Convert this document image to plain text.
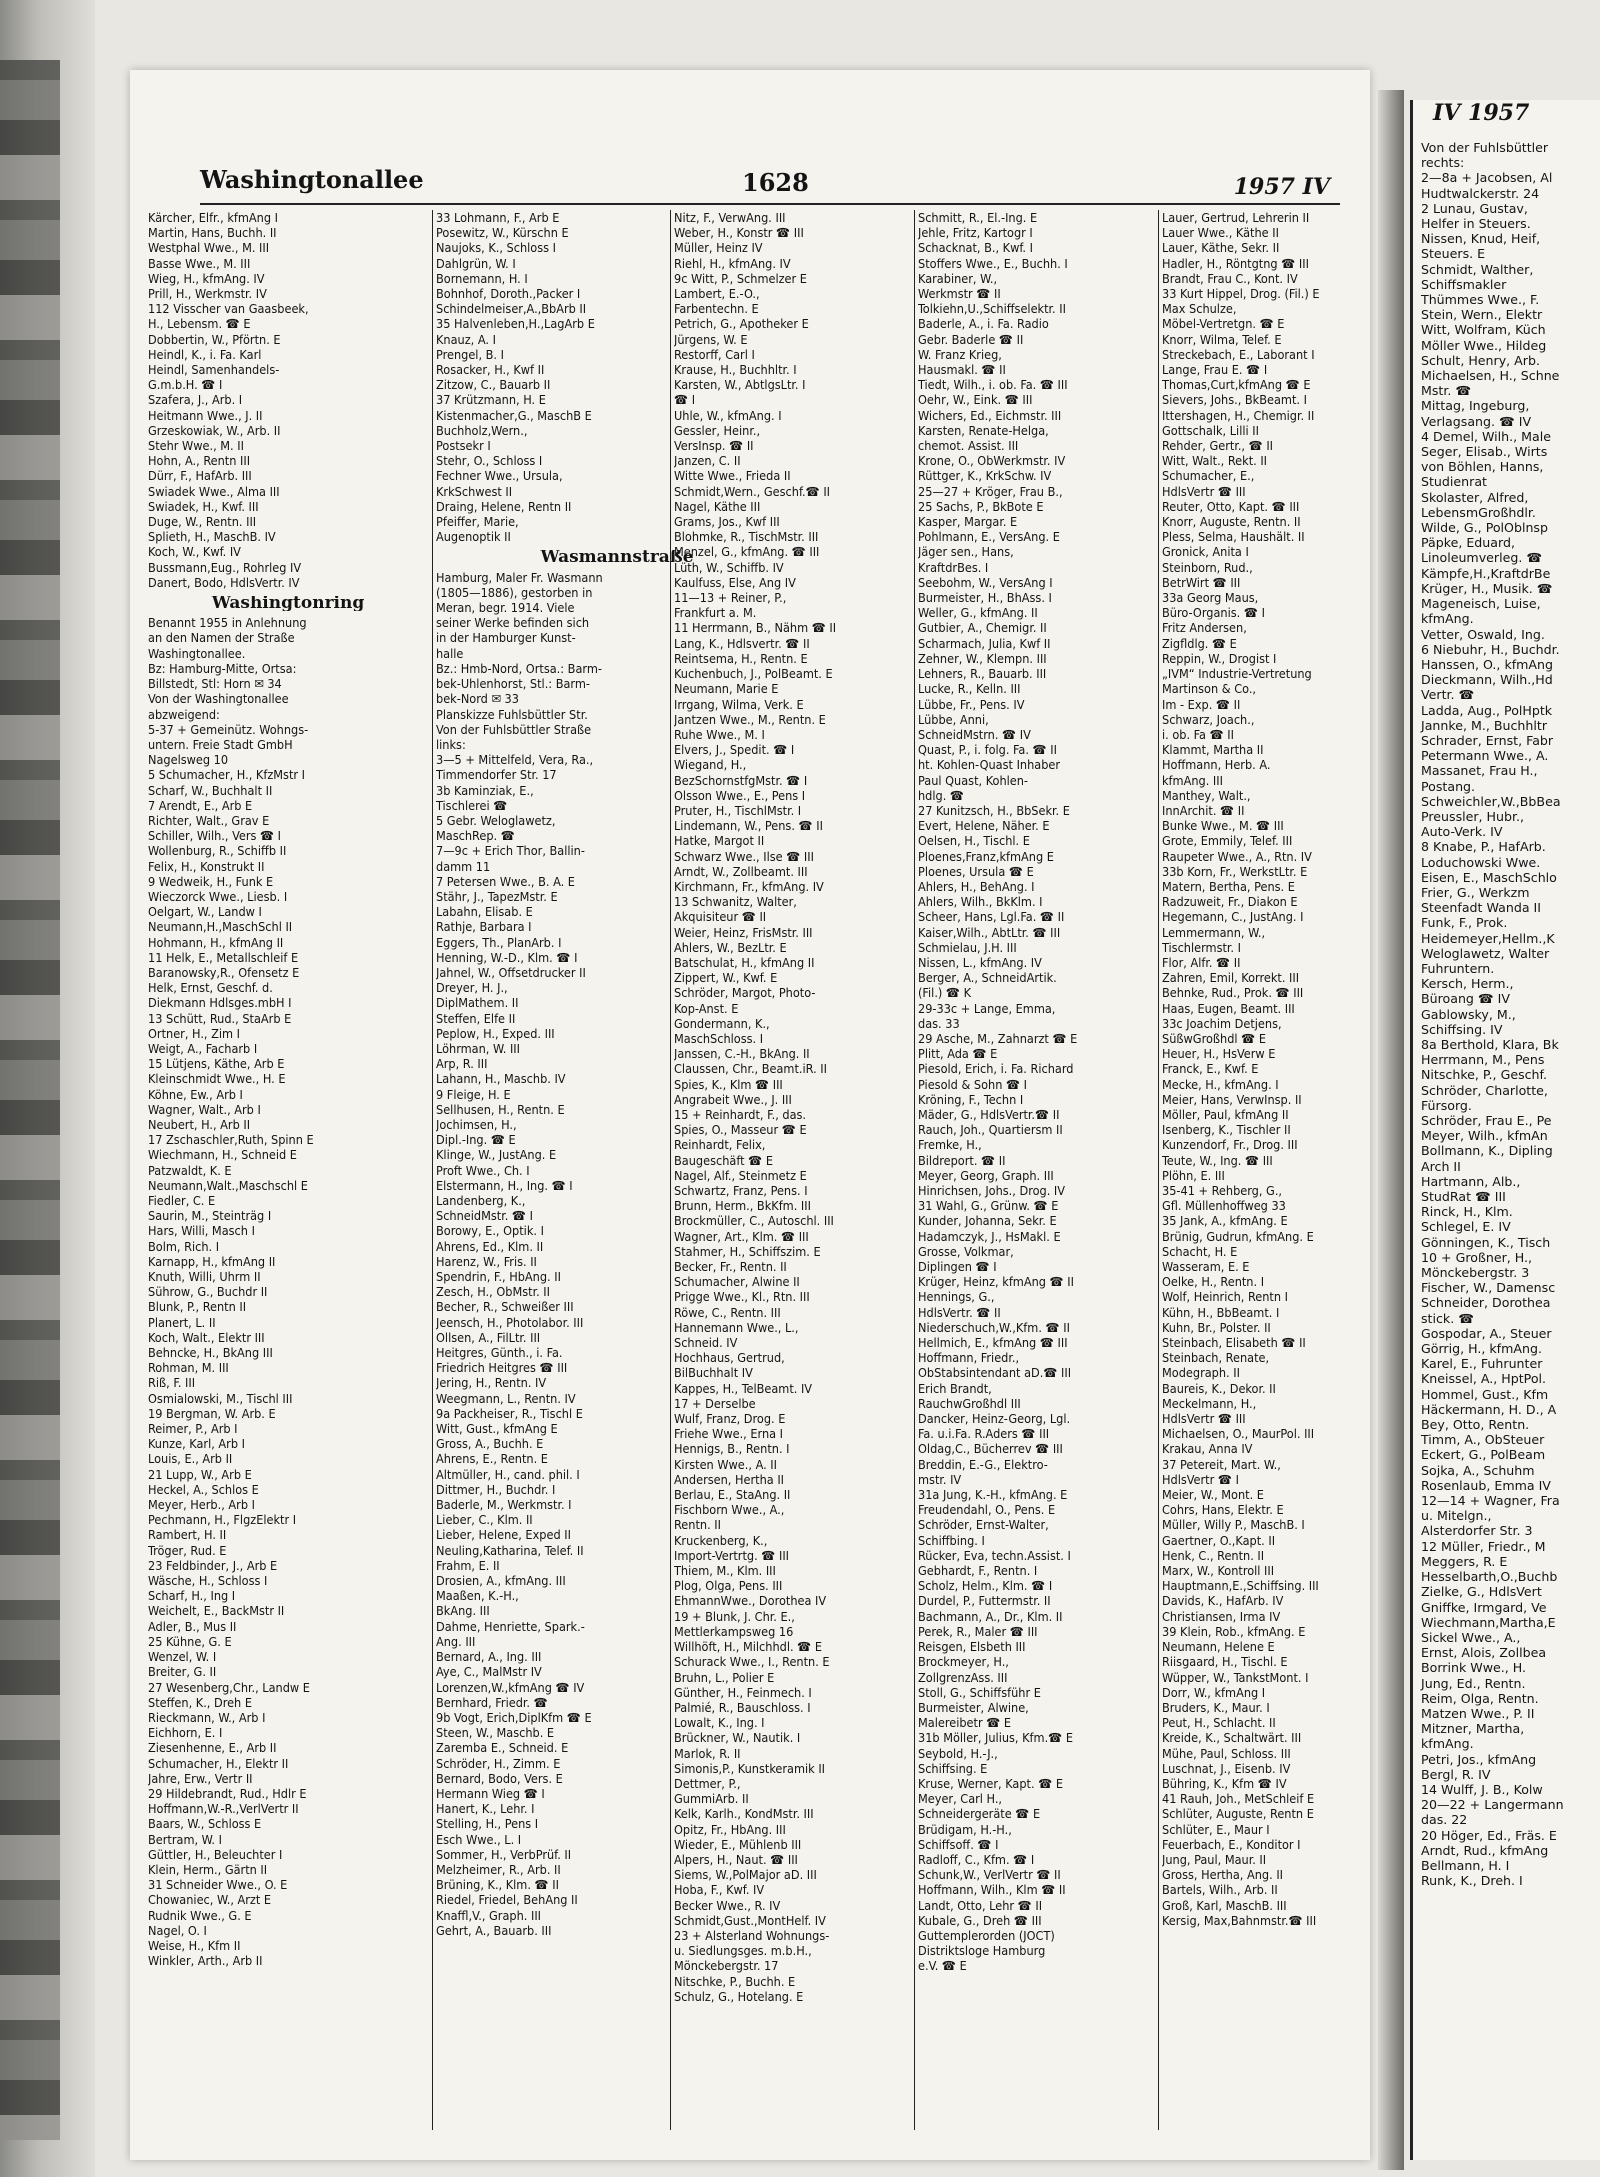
Washingtonallee	1628	1957 IV
Kärcher, Elfr., kfmAng I
Martin, Hans, Buchh. II
Westphal Wwe., M. III
Basse Wwe., M. III
Wieg, H., kfmAng. IV
Prill, H., Werkmstr. IV
112 Visscher van Gaasbeek,
H., Lebensm. ☎ E
Dobbertin, W., Pförtn. E
Heindl, K., i. Fa. Karl
Heindl, Samenhandels-
G.m.b.H. ☎ I
Szafera, J., Arb. I
Heitmann Wwe., J. II
Grzeskowiak, W., Arb. II
Stehr Wwe., M. II
Hohn, A., Rentn III
Dürr, F., HafArb. III
Swiadek Wwe., Alma III
Swiadek, H., Kwf. III
Duge, W., Rentn. III
Splieth, H., MaschB. IV
Koch, W., Kwf. IV
Bussmann,Eug., Rohrleg IV
Danert, Bodo, HdlsVertr. IV
Washingtonring
Benannt 1955 in Anlehnung
an den Namen der Straße
Washingtonallee.
Bz: Hamburg-Mitte, Ortsa:
Billstedt, Stl: Horn ✉ 34
Von der Washingtonallee
abzweigend:
5-37 + Gemeinütz. Wohngs-
untern. Freie Stadt GmbH
Nagelsweg 10
5 Schumacher, H., KfzMstr I
Scharf, W., Buchhalt II
7 Arendt, E., Arb E
Richter, Walt., Grav E
Schiller, Wilh., Vers ☎ I
Wollenburg, R., Schiffb II
Felix, H., Konstrukt II
9 Wedweik, H., Funk E
Wieczorck Wwe., Liesb. I
Oelgart, W., Landw I
Neumann,H.,MaschSchl II
Hohmann, H., kfmAng II
11 Helk, E., Metallschleif E
Baranowsky,R., Ofensetz E
Helk, Ernst, Geschf. d.
Diekmann Hdlsges.mbH I
13 Schütt, Rud., StaArb E
Ortner, H., Zim I
Weigt, A., Facharb I
15 Lütjens, Käthe, Arb E
Kleinschmidt Wwe., H. E
Köhne, Ew., Arb I
Wagner, Walt., Arb I
Neubert, H., Arb II
17 Zschaschler,Ruth, Spinn E
Wiechmann, H., Schneid E
Patzwaldt, K. E
Neumann,Walt.,Maschschl E
Fiedler, C. E
Saurin, M., Steinträg I
Hars, Willi, Masch I
Bolm, Rich. I
Karnapp, H., kfmAng II
Knuth, Willi, Uhrm II
Sührow, G., Buchdr II
Blunk, P., Rentn II
Planert, L. II
Koch, Walt., Elektr III
Behncke, H., BkAng III
Rohman, M. III
Riß, F. III
Osmialowski, M., Tischl III
19 Bergman, W. Arb. E
Reimer, P., Arb I
Kunze, Karl, Arb I
Louis, E., Arb II
21 Lupp, W., Arb E
Heckel, A., Schlos E
Meyer, Herb., Arb I
Pechmann, H., FlgzElektr I
Rambert, H. II
Tröger, Rud. E
23 Feldbinder, J., Arb E
Wäsche, H., Schloss I
Scharf, H., Ing I
Weichelt, E., BackMstr II
Adler, B., Mus II
25 Kühne, G. E
Wenzel, W. I
Breiter, G. II
27 Wesenberg,Chr., Landw E
Steffen, K., Dreh E
Rieckmann, W., Arb I
Eichhorn, E. I
Ziesenhenne, E., Arb II
Schumacher, H., Elektr II
Jahre, Erw., Vertr II
29 Hildebrandt, Rud., Hdlr E
Hoffmann,W.-R.,VerlVertr II
Baars, W., Schloss E
Bertram, W. I
Güttler, H., Beleuchter I
Klein, Herm., Gärtn II
31 Schneider Wwe., O. E
Chowaniec, W., Arzt E
Rudnik Wwe., G. E
Nagel, O. I
Weise, H., Kfm II
Winkler, Arth., Arb II
33 Lohmann, F., Arb E
Posewitz, W., Kürschn E
Naujoks, K., Schloss I
Dahlgrün, W. I
Bornemann, H. I
Bohnhof, Doroth.,Packer I
Schindelmeiser,A.,BbArb II
35 Halvenleben,H.,LagArb E
Knauz, A. I
Prengel, B. I
Rosacker, H., Kwf II
Zitzow, C., Bauarb II
37 Krützmann, H. E
Kistenmacher,G., MaschB E
Buchholz,Wern.,
Postsekr I
Stehr, O., Schloss I
Fechner Wwe., Ursula,
KrkSchwest II
Draing, Helene, Rentn II
Pfeiffer, Marie,
Augenoptik II
Wasmannstraße
Hamburg, Maler Fr. Wasmann
(1805—1886), gestorben in
Meran, begr. 1914. Viele
seiner Werke befinden sich
in der Hamburger Kunst-
halle
Bz.: Hmb-Nord, Ortsa.: Barm-
bek-Uhlenhorst, Stl.: Barm-
bek-Nord ✉ 33
Planskizze Fuhlsbüttler Str.
Von der Fuhlsbüttler Straße
links:
3—5 + Mittelfeld, Vera, Ra.,
Timmendorfer Str. 17
3b Kaminziak, E.,
Tischlerei ☎
5 Gebr. Weloglawetz,
MaschRep. ☎
7—9c + Erich Thor, Ballin-
damm 11
7 Petersen Wwe., B. A. E
Stähr, J., TapezMstr. E
Labahn, Elisab. E
Rathje, Barbara I
Eggers, Th., PlanArb. I
Henning, W.-D., Klm. ☎ I
Jahnel, W., Offsetdrucker II
Dreyer, H. J.,
DiplMathem. II
Steffen, Elfe II
Peplow, H., Exped. III
Löhrman, W. III
Arp, R. III
Lahann, H., Maschb. IV
9 Fleige, H. E
Sellhusen, H., Rentn. E
Jochimsen, H.,
Dipl.-Ing. ☎ E
Klinge, W., JustAng. E
Proft Wwe., Ch. I
Elstermann, H., Ing. ☎ I
Landenberg, K.,
SchneidMstr. ☎ I
Borowy, E., Optik. I
Ahrens, Ed., Klm. II
Harenz, W., Fris. II
Spendrin, F., HbAng. II
Zesch, H., ObMstr. II
Becher, R., Schweißer III
Jeensch, H., Photolabor. III
Ollsen, A., FilLtr. III
Heitgres, Günth., i. Fa.
Friedrich Heitgres ☎ III
Jering, H., Rentn. IV
Weegmann, L., Rentn. IV
9a Packheiser, R., Tischl E
Witt, Gust., kfmAng E
Gross, A., Buchh. E
Ahrens, E., Rentn. E
Altmüller, H., cand. phil. I
Dittmer, H., Buchdr. I
Baderle, M., Werkmstr. I
Lieber, C., Klm. II
Lieber, Helene, Exped II
Neuling,Katharina, Telef. II
Frahm, E. II
Drosien, A., kfmAng. III
Maaßen, K.-H.,
BkAng. III
Dahme, Henriette, Spark.-
Ang. III
Bernard, A., Ing. III
Aye, C., MalMstr IV
Lorenzen,W.,kfmAng ☎ IV
Bernhard, Friedr. ☎
9b Vogt, Erich,DiplKfm ☎ E
Steen, W., Maschb. E
Zaremba E., Schneid. E
Schröder, H., Zimm. E
Bernard, Bodo, Vers. E
Hermann Wieg ☎ I
Hanert, K., Lehr. I
Stelling, H., Pens I
Esch Wwe., L. I
Sommer, H., VerbPrüf. II
Melzheimer, R., Arb. II
Brüning, K., Klm. ☎ II
Riedel, Friedel, BehAng II
Knaffl,V., Graph. III
Gehrt, A., Bauarb. III
Nitz, F., VerwAng. III
Weber, H., Konstr ☎ III
Müller, Heinz IV
Riehl, H., kfmAng. IV
9c Witt, P., Schmelzer E
Lambert, E.-O.,
Farbentechn. E
Petrich, G., Apotheker E
Jürgens, W. E
Restorff, Carl I
Krause, H., Buchhltr. I
Karsten, W., AbtlgsLtr. I
☎ I
Uhle, W., kfmAng. I
Gessler, Heinr.,
VersInsp. ☎ II
Janzen, C. II
Witte Wwe., Frieda II
Schmidt,Wern., Geschf.☎ II
Nagel, Käthe III
Grams, Jos., Kwf III
Blohmke, R., TischMstr. III
Menzel, G., kfmAng. ☎ III
Lüth, W., Schiffb. IV
Kaulfuss, Else, Ang IV
11—13 + Reiner, P.,
Frankfurt a. M.
11 Herrmann, B., Nähm ☎ II
Lang, K., Hdlsvertr. ☎ II
Reintsema, H., Rentn. E
Kuchenbuch, J., PolBeamt. E
Neumann, Marie E
Irrgang, Wilma, Verk. E
Jantzen Wwe., M., Rentn. E
Ruhe Wwe., M. I
Elvers, J., Spedit. ☎ I
Wiegand, H.,
BezSchornstfgMstr. ☎ I
Olsson Wwe., E., Pens I
Pruter, H., TischlMstr. I
Lindemann, W., Pens. ☎ II
Hatke, Margot II
Schwarz Wwe., Ilse ☎ III
Arndt, W., Zollbeamt. III
Kirchmann, Fr., kfmAng. IV
13 Schwanitz, Walter,
Akquisiteur ☎ II
Weier, Heinz, FrisMstr. III
Ahlers, W., BezLtr. E
Batschulat, H., kfmAng II
Zippert, W., Kwf. E
Schröder, Margot, Photo-
Kop-Anst. E
Gondermann, K.,
MaschSchloss. I
Janssen, C.-H., BkAng. II
Claussen, Chr., Beamt.iR. II
Spies, K., Klm ☎ III
Angrabeit Wwe., J. III
15 + Reinhardt, F., das.
Spies, O., Masseur ☎ E
Reinhardt, Felix,
Baugeschäft ☎ E
Nagel, Alf., Steinmetz E
Schwartz, Franz, Pens. I
Brunn, Herm., BkKfm. III
Brockmüller, C., Autoschl. III
Wagner, Art., Klm. ☎ III
Stahmer, H., Schiffszim. E
Becker, Fr., Rentn. II
Schumacher, Alwine II
Prigge Wwe., Kl., Rtn. III
Röwe, C., Rentn. III
Hannemann Wwe., L.,
Schneid. IV
Hochhaus, Gertrud,
BilBuchhalt IV
Kappes, H., TelBeamt. IV
17 + Derselbe
Wulf, Franz, Drog. E
Friehe Wwe., Erna I
Hennigs, B., Rentn. I
Kirsten Wwe., A. II
Andersen, Hertha II
Berlau, E., StaAng. II
Fischborn Wwe., A.,
Rentn. II
Kruckenberg, K.,
Import-Vertrtg. ☎ III
Thiem, M., Klm. III
Plog, Olga, Pens. III
EhmannWwe., Dorothea IV
19 + Blunk, J. Chr. E.,
Mettlerkampsweg 16
Willhöft, H., Milchhdl. ☎ E
Schurack Wwe., I., Rentn. E
Bruhn, L., Polier E
Günther, H., Feinmech. I
Palmié, R., Bauschloss. I
Lowalt, K., Ing. I
Brückner, W., Nautik. I
Marlok, R. II
Simonis,P., Kunstkeramik II
Dettmer, P.,
GummiArb. II
Kelk, Karlh., KondMstr. III
Opitz, Fr., HbAng. III
Wieder, E., Mühlenb III
Alpers, H., Naut. ☎ III
Siems, W.,PolMajor aD. III
Hoba, F., Kwf. IV
Becker Wwe., R. IV
Schmidt,Gust.,MontHelf. IV
23 + Alsterland Wohnungs-
u. Siedlungsges. m.b.H.,
Mönckebergstr. 17
Nitschke, P., Buchh. E
Schulz, G., Hotelang. E
Schmitt, R., El.-Ing. E
Jehle, Fritz, Kartogr I
Schacknat, B., Kwf. I
Stoffers Wwe., E., Buchh. I
Karabiner, W.,
Werkmstr ☎ II
Tolkiehn,U.,Schiffselektr. II
Baderle, A., i. Fa. Radio
Gebr. Baderle ☎ II
W. Franz Krieg,
Hausmakl. ☎ II
Tiedt, Wilh., i. ob. Fa. ☎ III
Oehr, W., Eink. ☎ III
Wichers, Ed., Eichmstr. III
Karsten, Renate-Helga,
chemot. Assist. III
Krone, O., ObWerkmstr. IV
Rüttger, K., KrkSchw. IV
25—27 + Kröger, Frau B.,
25 Sachs, P., BkBote E
Kasper, Margar. E
Pohlmann, E., VersAng. E
Jäger sen., Hans,
KraftdrBes. I
Seebohm, W., VersAng I
Burmeister, H., BhAss. I
Weller, G., kfmAng. II
Gutbier, A., Chemigr. II
Scharmach, Julia, Kwf II
Zehner, W., Klempn. III
Lehners, R., Bauarb. III
Lucke, R., Kelln. III
Lübbe, Fr., Pens. IV
Lübbe, Anni,
SchneidMstrn. ☎ IV
Quast, P., i. folg. Fa. ☎ II
ht. Kohlen-Quast Inhaber
Paul Quast, Kohlen-
hdlg. ☎
27 Kunitzsch, H., BbSekr. E
Evert, Helene, Näher. E
Oelsen, H., Tischl. E
Ploenes,Franz,kfmAng E
Ploenes, Ursula ☎ E
Ahlers, H., BehAng. I
Ahlers, Wilh., BkKlm. I
Scheer, Hans, Lgl.Fa. ☎ II
Kaiser,Wilh., AbtLtr. ☎ III
Schmielau, J.H. III
Nissen, L., kfmAng. IV
Berger, A., SchneidArtik.
(Fil.) ☎ K
29-33c + Lange, Emma,
das. 33
29 Asche, M., Zahnarzt ☎ E
Plitt, Ada ☎ E
Piesold, Erich, i. Fa. Richard
Piesold & Sohn ☎ I
Kröning, F., Techn I
Mäder, G., HdlsVertr.☎ II
Rauch, Joh., Quartiersm II
Fremke, H.,
Bildreport. ☎ II
Meyer, Georg, Graph. III
Hinrichsen, Johs., Drog. IV
31 Wahl, G., Grünw. ☎ E
Kunder, Johanna, Sekr. E
Hadamczyk, J., HsMakl. E
Grosse, Volkmar,
Diplingen ☎ I
Krüger, Heinz, kfmAng ☎ II
Hennings, G.,
HdlsVertr. ☎ II
Niederschuch,W.,Kfm. ☎ II
Hellmich, E., kfmAng ☎ III
Hoffmann, Friedr.,
ObStabsintendant aD.☎ III
Erich Brandt,
RauchwGroßhdl III
Dancker, Heinz-Georg, Lgl.
Fa. u.i.Fa. R.Aders ☎ III
Oldag,C., Bücherrev ☎ III
Breddin, E.-G., Elektro-
mstr. IV
31a Jung, K.-H., kfmAng. E
Freudendahl, O., Pens. E
Schröder, Ernst-Walter,
Schiffbing. I
Rücker, Eva, techn.Assist. I
Gebhardt, F., Rentn. I
Scholz, Helm., Klm. ☎ I
Durdel, P., Futtermstr. II
Bachmann, A., Dr., Klm. II
Perek, R., Maler ☎ III
Reisgen, Elsbeth III
Brockmeyer, H.,
ZollgrenzAss. III
Stoll, G., Schiffsführ E
Burmeister, Alwine,
Malereibetr ☎ E
31b Möller, Julius, Kfm.☎ E
Seybold, H.-J.,
Schiffsing. E
Kruse, Werner, Kapt. ☎ E
Meyer, Carl H.,
Schneidergeräte ☎ E
Brüdigam, H.-H.,
Schiffsoff. ☎ I
Radloff, C., Kfm. ☎ I
Schunk,W., VerlVertr ☎ II
Hoffmann, Wilh., Klm ☎ II
Landt, Otto, Lehr ☎ II
Kubale, G., Dreh ☎ III
Guttemplerorden (JOCT)
Distriktsloge Hamburg
e.V. ☎ E
Lauer, Gertrud, Lehrerin II
Lauer Wwe., Käthe II
Lauer, Käthe, Sekr. II
Hadler, H., Röntgtng ☎ III
Brandt, Frau C., Kont. IV
33 Kurt Hippel, Drog. (Fil.) E
Max Schulze,
Möbel-Vertretgn. ☎ E
Knorr, Wilma, Telef. E
Streckebach, E., Laborant I
Lange, Frau E. ☎ I
Thomas,Curt,kfmAng ☎ E
Sievers, Johs., BkBeamt. I
Ittershagen, H., Chemigr. II
Gottschalk, Lilli II
Rehder, Gertr., ☎ II
Witt, Walt., Rekt. II
Schumacher, E.,
HdlsVertr ☎ III
Reuter, Otto, Kapt. ☎ III
Knorr, Auguste, Rentn. II
Pless, Selma, Haushält. II
Gronick, Anita I
Steinborn, Rud.,
BetrWirt ☎ III
33a Georg Maus,
Büro-Organis. ☎ I
Fritz Andersen,
Zigfldlg. ☎ E
Reppin, W., Drogist I
„IVM“ Industrie-Vertretung
Martinson & Co.,
Im - Exp. ☎ II
Schwarz, Joach.,
i. ob. Fa ☎ II
Klammt, Martha II
Hoffmann, Herb. A.
kfmAng. III
Manthey, Walt.,
InnArchit. ☎ II
Bunke Wwe., M. ☎ III
Grote, Emmily, Telef. III
Raupeter Wwe., A., Rtn. IV
33b Korn, Fr., WerkstLtr. E
Matern, Bertha, Pens. E
Radzuweit, Fr., Diakon E
Hegemann, C., JustAng. I
Lemmermann, W.,
Tischlermstr. I
Flor, Alfr. ☎ II
Zahren, Emil, Korrekt. III
Behnke, Rud., Prok. ☎ III
Haas, Eugen, Beamt. III
33c Joachim Detjens,
SüßwGroßhdl ☎ E
Heuer, H., HsVerw E
Franck, E., Kwf. E
Mecke, H., kfmAng. I
Meier, Hans, VerwInsp. II
Möller, Paul, kfmAng II
Isenberg, K., Tischler II
Kunzendorf, Fr., Drog. III
Teute, W., Ing. ☎ III
Plöhn, E. III
35-41 + Rehberg, G.,
Gfl. Müllenhoffweg 33
35 Jank, A., kfmAng. E
Brünig, Gudrun, kfmAng. E
Schacht, H. E
Wasseram, E. E
Oelke, H., Rentn. I
Wolf, Heinrich, Rentn I
Kühn, H., BbBeamt. I
Kuhn, Br., Polster. II
Steinbach, Elisabeth ☎ II
Steinbach, Renate,
Modegraph. II
Baureis, K., Dekor. II
Meckelmann, H.,
HdlsVertr ☎ III
Michaelsen, O., MaurPol. III
Krakau, Anna IV
37 Petereit, Mart. W.,
HdlsVertr ☎ I
Meier, W., Mont. E
Cohrs, Hans, Elektr. E
Müller, Willy P., MaschB. I
Gaertner, O.,Kapt. II
Henk, C., Rentn. II
Marx, W., Kontroll III
Hauptmann,E.,Schiffsing. III
Davids, K., HafArb. IV
Christiansen, Irma IV
39 Klein, Rob., kfmAng. E
Neumann, Helene E
Riisgaard, H., Tischl. E
Wüpper, W., TankstMont. I
Dorr, W., kfmAng I
Bruders, K., Maur. I
Peut, H., Schlacht. II
Kreide, K., Schaltwärt. III
Mühe, Paul, Schloss. III
Luschnat, J., Eisenb. IV
Bühring, K., Kfm ☎ IV
41 Rauh, Joh., MetSchleif E
Schlüter, Auguste, Rentn E
Schlüter, E., Maur I
Feuerbach, E., Konditor I
Jung, Paul, Maur. II
Gross, Hertha, Ang. II
Bartels, Wilh., Arb. II
Groß, Karl, MaschB. III
Kersig, Max,Bahnmstr.☎ III
IV 1957
Von der Fuhlsbüttler
rechts:
2—8a + Jacobsen, Al
Hudtwalckerstr. 24
2 Lunau, Gustav,
Helfer in Steuers.
Nissen, Knud, Heif,
Steuers. E
Schmidt, Walther,
Schiffsmakler
Thümmes Wwe., F.
Stein, Wern., Elektr
Witt, Wolfram, Küch
Möller Wwe., Hildeg
Schult, Henry, Arb.
Michaelsen, H., Schne
Mstr. ☎
Mittag, Ingeburg,
Verlagsang. ☎ IV
4 Demel, Wilh., Male
Seger, Elisab., Wirts
von Böhlen, Hanns,
Studienrat
Skolaster, Alfred,
LebensmGroßhdlr.
Wilde, G., PolOblnsp
Päpke, Eduard,
Linoleumverleg. ☎
Kämpfe,H.,KraftdrBe
Krüger, H., Musik. ☎
Mageneisch, Luise,
kfmAng.
Vetter, Oswald, Ing.
6 Niebuhr, H., Buchdr.
Hanssen, O., kfmAng
Dieckmann, Wilh.,Hd
Vertr. ☎
Ladda, Aug., PolHptk
Jannke, M., Buchhltr
Schrader, Ernst, Fabr
Petermann Wwe., A.
Massanet, Frau H.,
Postang.
Schweichler,W.,BbBea
Preussler, Hubr.,
Auto-Verk. IV
8 Knabe, P., HafArb.
Loduchowski Wwe.
Eisen, E., MaschSchlo
Frier, G., Werkzm
Steenfadt Wanda II
Funk, F., Prok.
Heidemeyer,Hellm.,K
Weloglawetz, Walter
Fuhruntern.
Kersch, Herm.,
Büroang ☎ IV
Gablowsky, M.,
Schiffsing. IV
8a Berthold, Klara, Bk
Herrmann, M., Pens
Nitschke, P., Geschf.
Schröder, Charlotte,
Fürsorg.
Schröder, Frau E., Pe
Meyer, Wilh., kfmAn
Bollmann, K., Dipling
Arch II
Hartmann, Alb.,
StudRat ☎ III
Rinck, H., Klm.
Schlegel, E. IV
Gönningen, K., Tisch
10 + Großner, H.,
Mönckebergstr. 3
Fischer, W., Damensc
Schneider, Dorothea
stick. ☎
Gospodar, A., Steuer
Görrig, H., kfmAng.
Karel, E., Fuhrunter
Kneissel, A., HptPol.
Hommel, Gust., Kfm
Häckermann, H. D., A
Bey, Otto, Rentn.
Timm, A., ObSteuer
Eckert, G., PolBeam
Sojka, A., Schuhm
Rosenlaub, Emma IV
12—14 + Wagner, Fra
u. Mitelgn.,
Alsterdorfer Str. 3
12 Müller, Friedr., M
Meggers, R. E
Hesselbarth,O.,Buchb
Zielke, G., HdlsVert
Gniffke, Irmgard, Ve
Wiechmann,Martha,E
Sickel Wwe., A.,
Ernst, Alois, Zollbea
Borrink Wwe., H.
Jung, Ed., Rentn.
Reim, Olga, Rentn.
Matzen Wwe., P. II
Mitzner, Martha,
kfmAng.
Petri, Jos., kfmAng
Bergl, R. IV
14 Wulff, J. B., Kolw
20—22 + Langermann
das. 22
20 Höger, Ed., Fräs. E
Arndt, Rud., kfmAng
Bellmann, H. I
Runk, K., Dreh. I
